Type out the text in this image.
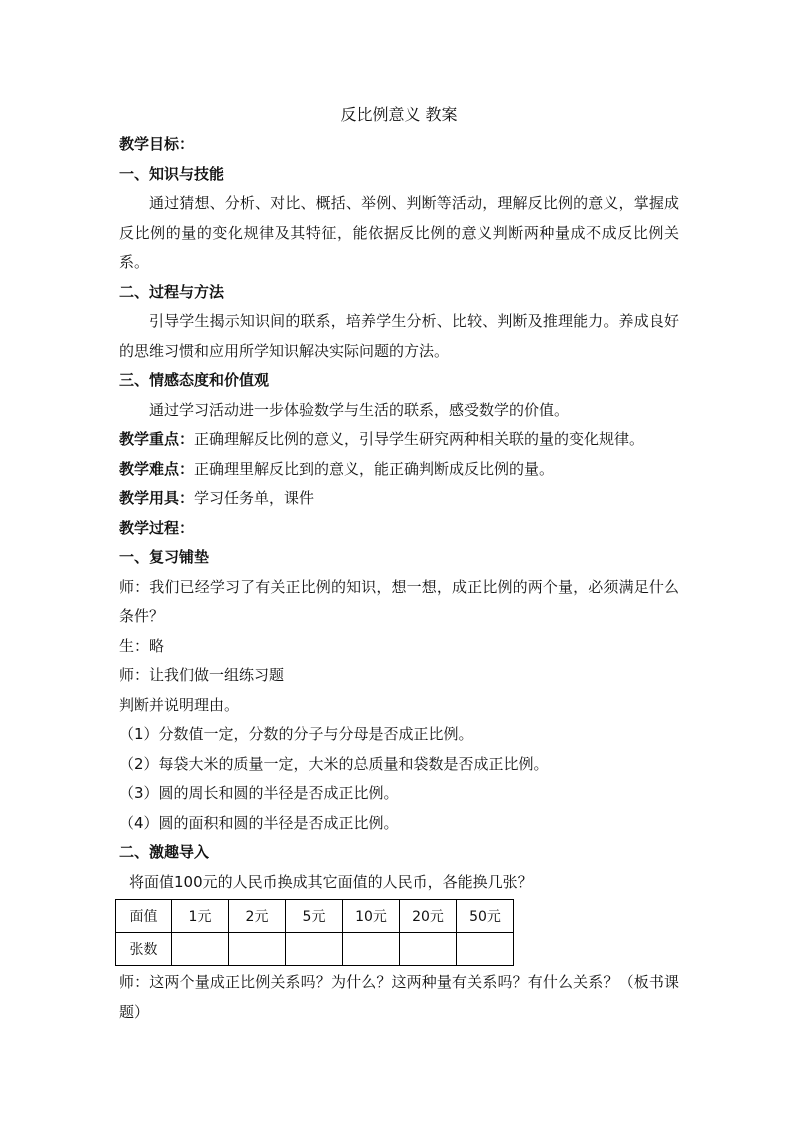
反比例意义 教案
教学目标：
一、知识与技能
通过猜想、分析、对比、概括、举例、判断等活动，理解反比例的意义，掌握成反比例的量的变化规律及其特征，能依据反比例的意义判断两种量成不成反比例关系。
二、过程与方法
引导学生揭示知识间的联系，培养学生分析、比较、判断及推理能力。养成良好的思维习惯和应用所学知识解决实际问题的方法。
三、情感态度和价值观
通过学习活动进一步体验数学与生活的联系，感受数学的价值。
教学重点：正确理解反比例的意义，引导学生研究两种相关联的量的变化规律。
教学难点：正确理里解反比到的意义，能正确判断成反比例的量。
教学用具：学习任务单，课件
教学过程：
一、复习铺垫
师：我们已经学习了有关正比例的知识，想一想，成正比例的两个量，必须满足什么条件？
生：略
师：让我们做一组练习题
判断并说明理由。
（1）分数值一定，分数的分子与分母是否成正比例。
（2）每袋大米的质量一定，大米的总质量和袋数是否成正比例。
（3）圆的周长和圆的半径是否成正比例。
（4）圆的面积和圆的半径是否成正比例。
二、激趣导入
将面值100元的人民币换成其它面值的人民币，各能换几张？
面值	1元	2元	5元	10元	20元	50元
张数						
师：这两个量成正比例关系吗？为什么？这两种量有关系吗？有什么关系？（板书课题）
